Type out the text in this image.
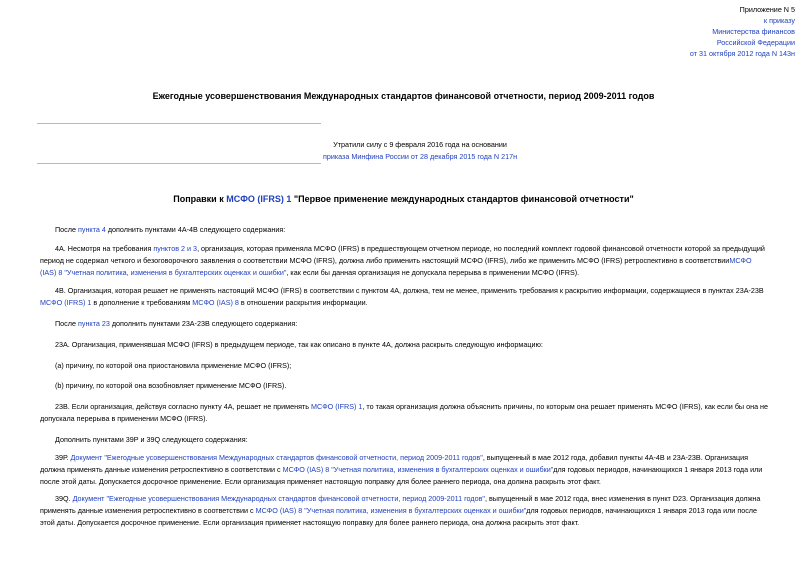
Приложение N 5
к приказу
Министерства финансов
Российской Федерации
от 31 октября 2012 года N 143н
Ежегодные усовершенствования Международных стандартов финансовой отчетности, период 2009-2011 годов
Утратили силу с 9 февраля 2016 года на основании
приказа Минфина России от 28 декабря 2015 года N 217н
Поправки к МСФО (IFRS) 1 "Первое применение международных стандартов финансовой отчетности"
После пункта 4 дополнить пунктами 4А-4В следующего содержания:
4А. Несмотря на требования пунктов 2 и 3, организация, которая применяла МСФО (IFRS) в предшествующем отчетном периоде, но последний комплект годовой финансовой отчетности которой за предыдущий
период не содержал четкого и безоговорочного заявления о соответствии МСФО (IFRS), должна либо применить настоящий МСФО (IFRS), либо же применить МСФО (IFRS) ретроспективно в соответствииМСФО
(IAS) 8 "Учетная политика, изменения в бухгалтерских оценках и ошибки", как если бы данная организация не допускала перерыва в применении МСФО (IFRS).
4В. Организация, которая решает не применять настоящий МСФО (IFRS) в соответствии с пунктом 4А, должна, тем не менее, применить требования к раскрытию информации, содержащиеся в пунктах 23А-23В
МСФО (IFRS) 1 в дополнение к требованиям МСФО (IAS) 8 в отношении раскрытия информации.
После пункта 23 дополнить пунктами 23А-23В следующего содержания:
23А. Организация, применявшая МСФО (IFRS) в предыдущем периоде, так как описано в пункте 4А, должна раскрыть следующую информацию:
(a) причину, по которой она приостановила применение МСФО (IFRS);
(b) причину, по которой она возобновляет применение МСФО (IFRS).
23В. Если организация, действуя согласно пункту 4А, решает не применять МСФО (IFRS) 1, то такая организация должна объяснить причины, по которым она решает применять МСФО (IFRS), как если бы она не
допускала перерыва в применении МСФО (IFRS).
Дополнить пунктами 39Р и 39Q следующего содержания:
39Р. Документ "Ежегодные усовершенствования Международных стандартов финансовой отчетности, период 2009-2011 годов", выпущенный в мае 2012 года, добавил пункты 4А-4В и 23А-23В. Организация
должна применять данные изменения ретроспективно в соответствии с МСФО (IAS) 8 "Учетная политика, изменения в бухгалтерских оценках и ошибки"для годовых периодов, начинающихся 1 января 2013 года или
после этой даты. Допускается досрочное применение. Если организация применяет настоящую поправку для более раннего периода, она должна раскрыть этот факт.
39Q. Документ "Ежегодные усовершенствования Международных стандартов финансовой отчетности, период 2009-2011 годов", выпущенный в мае 2012 года, внес изменения в пункт D23. Организация должна
применять данные изменения ретроспективно в соответствии с МСФО (IAS) 8 "Учетная политика, изменения в бухгалтерских оценках и ошибки"для годовых периодов, начинающихся 1 января 2013 года или после
этой даты. Допускается досрочное применение. Если организация применяет настоящую поправку для более раннего периода, она должна раскрыть этот факт.
